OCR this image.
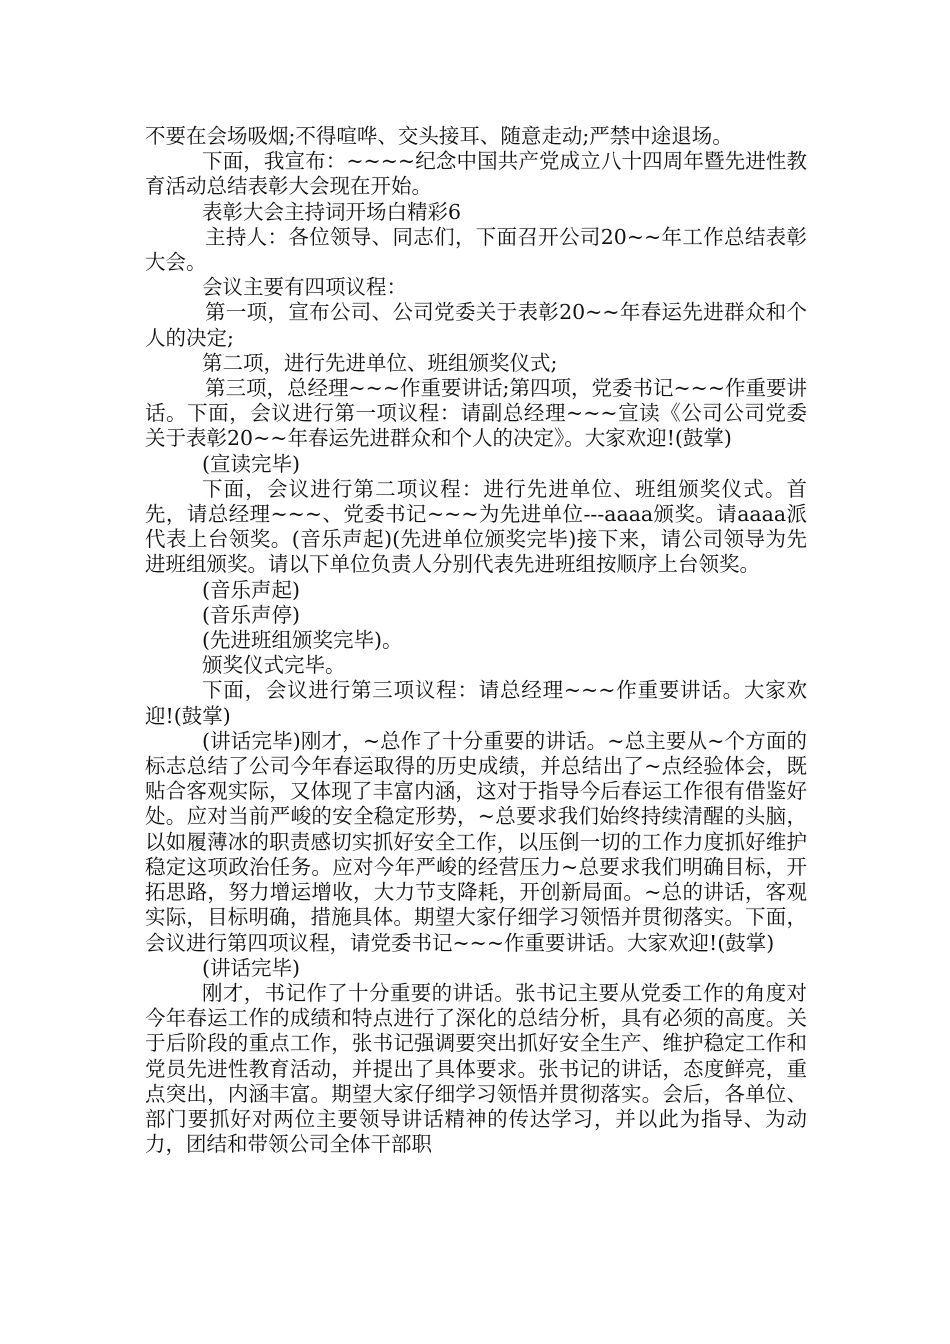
不要在会场吸烟;不得喧哗、交头接耳、随意走动;严禁中途退场。

下面，我宣布：~~~~纪念中国共产党成立八十四周年暨先进性教育活动总结表彰大会现在开始。

表彰大会主持词开场白精彩6

主持人：各位领导、同志们，下面召开公司20~~年工作总结表彰大会。

会议主要有四项议程：

第一项，宣布公司、公司党委关于表彰20~~年春运先进群众和个人的决定;

第二项，进行先进单位、班组颁奖仪式;

第三项，总经理~~~作重要讲话;第四项，党委书记~~~作重要讲话。下面，会议进行第一项议程：请副总经理~~~宣读《公司公司党委关于表彰20~~年春运先进群众和个人的决定》。大家欢迎!(鼓掌)

(宣读完毕)

下面，会议进行第二项议程：进行先进单位、班组颁奖仪式。首先，请总经理~~~、党委书记~~~为先进单位---aaaa颁奖。请aaaa派代表上台领奖。(音乐声起)(先进单位颁奖完毕)接下来，请公司领导为先进班组颁奖。请以下单位负责人分别代表先进班组按顺序上台领奖。

(音乐声起)

(音乐声停)

(先进班组颁奖完毕)。

颁奖仪式完毕。

下面，会议进行第三项议程：请总经理~~~作重要讲话。大家欢迎!(鼓掌)

(讲话完毕)刚才，~总作了十分重要的讲话。~总主要从~个方面的标志总结了公司今年春运取得的历史成绩，并总结出了~点经验体会，既贴合客观实际，又体现了丰富内涵，这对于指导今后春运工作很有借鉴好处。应对当前严峻的安全稳定形势，~总要求我们始终持续清醒的头脑，以如履薄冰的职责感切实抓好安全工作，以压倒一切的工作力度抓好维护稳定这项政治任务。应对今年严峻的经营压力~总要求我们明确目标，开拓思路，努力增运增收，大力节支降耗，开创新局面。~总的讲话，客观实际，目标明确，措施具体。期望大家仔细学习领悟并贯彻落实。下面，会议进行第四项议程，请党委书记~~~作重要讲话。大家欢迎!(鼓掌)

(讲话完毕)

刚才，书记作了十分重要的讲话。张书记主要从党委工作的角度对今年春运工作的成绩和特点进行了深化的总结分析，具有必须的高度。关于后阶段的重点工作，张书记强调要突出抓好安全生产、维护稳定工作和党员先进性教育活动，并提出了具体要求。张书记的讲话，态度鲜亮，重点突出，内涵丰富。期望大家仔细学习领悟并贯彻落实。会后，各单位、部门要抓好对两位主要领导讲话精神的传达学习，并以此为指导、为动力，团结和带领公司全体干部职
